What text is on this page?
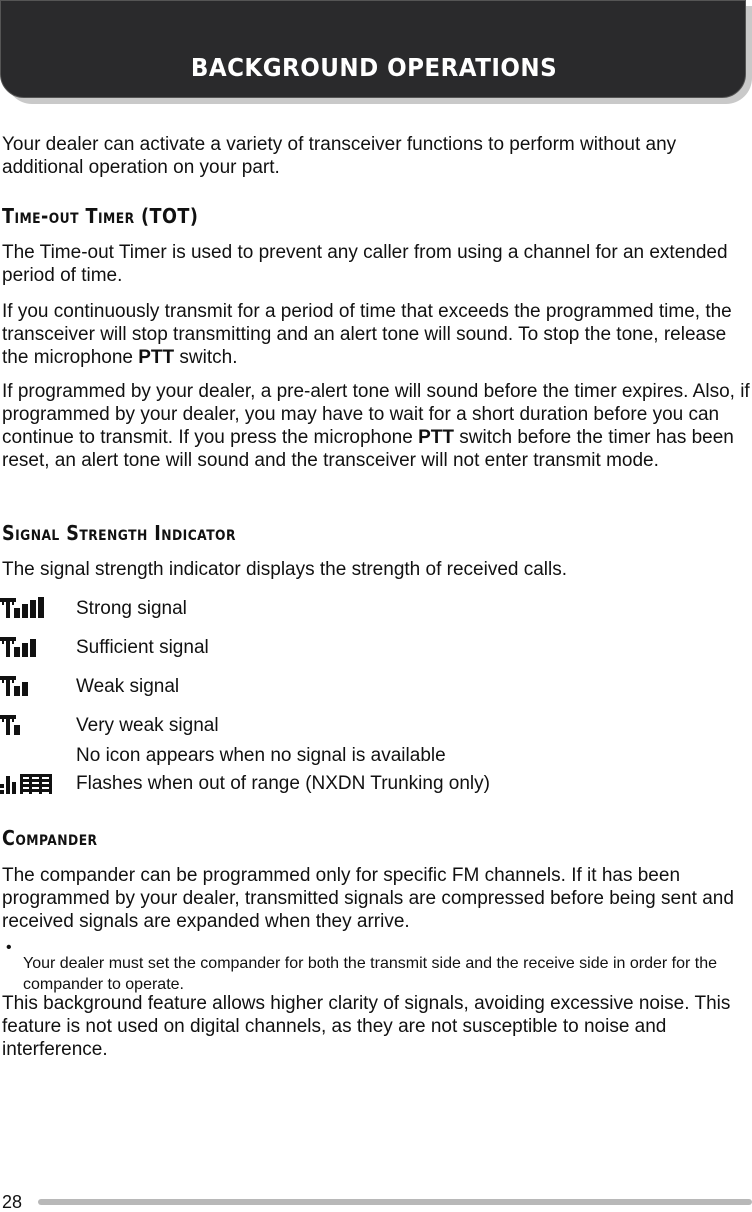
BACKGROUND OPERATIONS

Your dealer can activate a variety of transceiver functions to perform without any additional operation on your part.

Time-out Timer (TOT)

The Time-out Timer is used to prevent any caller from using a channel for an extended period of time.

If you continuously transmit for a period of time that exceeds the programmed time, the transceiver will stop transmitting and an alert tone will sound. To stop the tone, release the microphone PTT switch.

If programmed by your dealer, a pre-alert tone will sound before the timer expires. Also, if programmed by your dealer, you may have to wait for a short duration before you can continue to transmit. If you press the microphone PTT switch before the timer has been reset, an alert tone will sound and the transceiver will not enter transmit mode.

Signal Strength Indicator

The signal strength indicator displays the strength of received calls.

Strong signal
Sufficient signal
Weak signal
Very weak signal
No icon appears when no signal is available
Flashes when out of range (NXDN Trunking only)
Compander

The compander can be programmed only for specific FM channels. If it has been programmed by your dealer, transmitted signals are compressed before being sent and received signals are expanded when they arrive.

•

Your dealer must set the compander for both the transmit side and the receive side in order for the compander to operate.

This background feature allows higher clarity of signals, avoiding excessive noise. This feature is not used on digital channels, as they are not susceptible to noise and interference.

28
